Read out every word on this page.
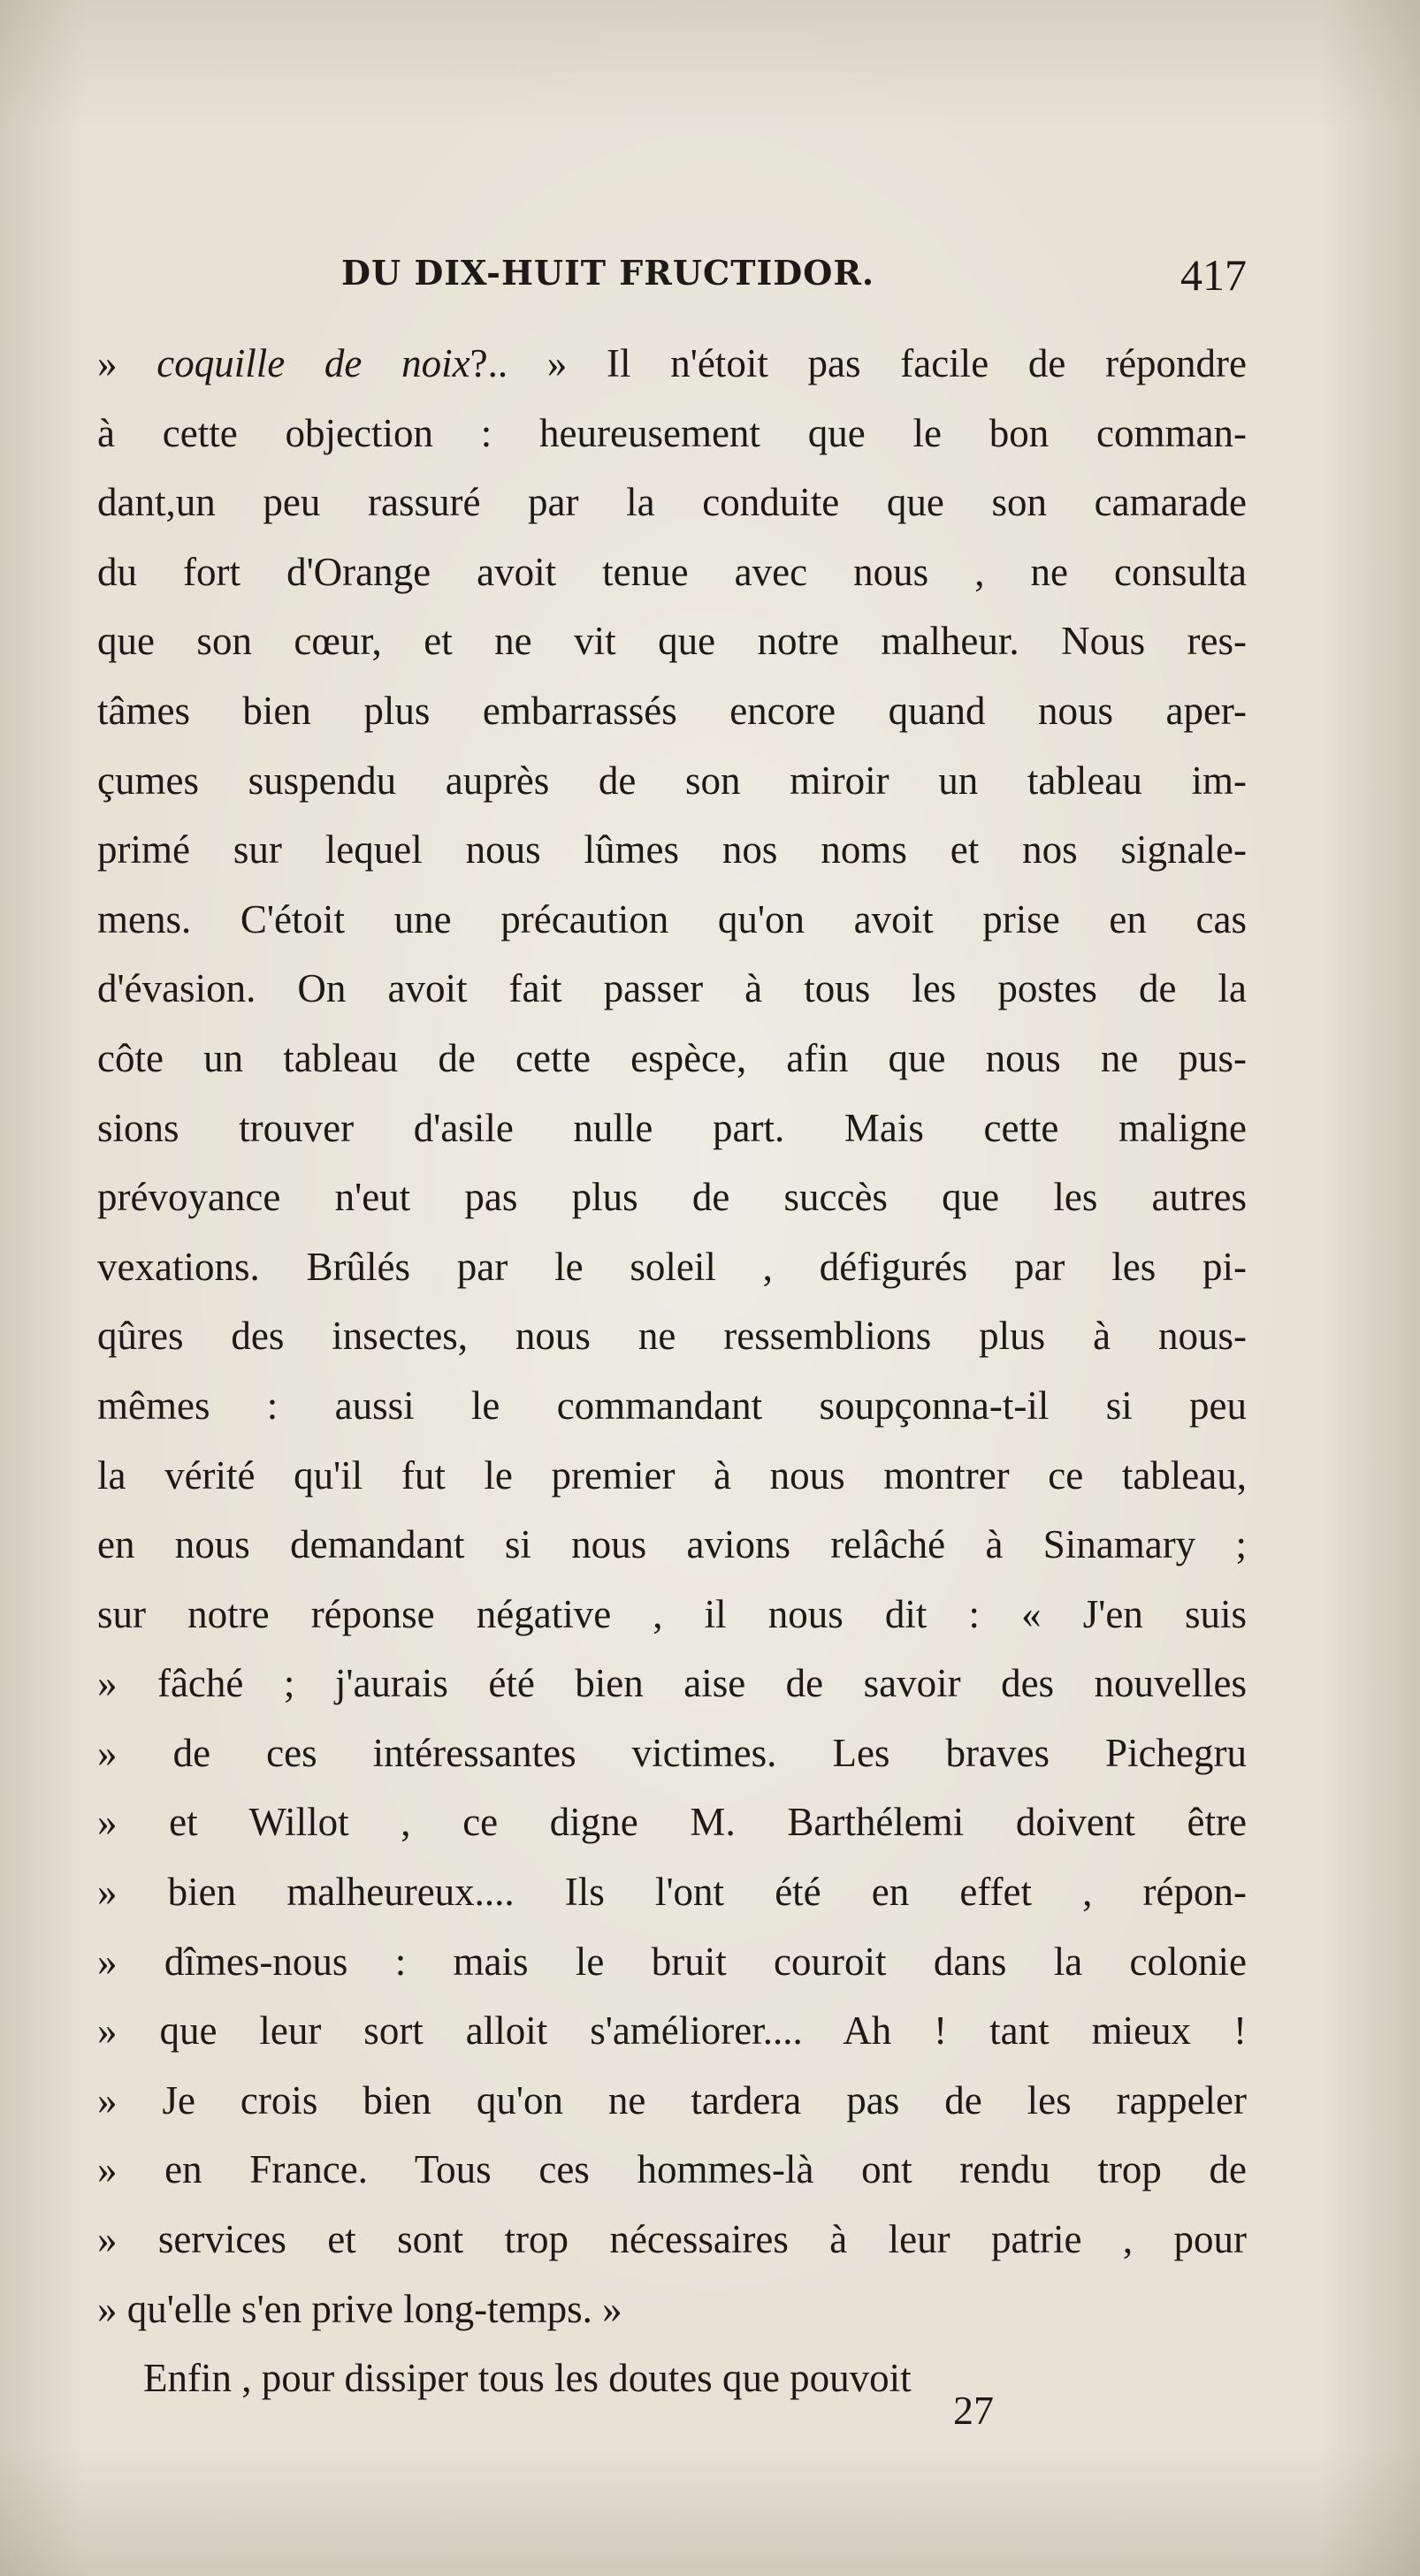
DU DIX-HUIT FRUCTIDOR.	417
» coquille de noix?.. » Il n'étoit pas facile de répondre
à cette objection : heureusement que le bon comman-
dant,un peu rassuré par la conduite que son camarade
du fort d'Orange avoit tenue avec nous , ne consulta
que son cœur, et ne vit que notre malheur. Nous res-
tâmes bien plus embarrassés encore quand nous aper-
çumes suspendu auprès de son miroir un tableau im-
primé sur lequel nous lûmes nos noms et nos signale-
mens. C'étoit une précaution qu'on avoit prise en cas
d'évasion. On avoit fait passer à tous les postes de la
côte un tableau de cette espèce, afin que nous ne pus-
sions trouver d'asile nulle part. Mais cette maligne
prévoyance n'eut pas plus de succès que les autres
vexations. Brûlés par le soleil , défigurés par les pi-
qûres des insectes, nous ne ressemblions plus à nous-
mêmes : aussi le commandant soupçonna-t-il si peu
la vérité qu'il fut le premier à nous montrer ce tableau,
en nous demandant si nous avions relâché à Sinamary ;
sur notre réponse négative , il nous dit : « J'en suis
» fâché ; j'aurais été bien aise de savoir des nouvelles
» de ces intéressantes victimes. Les braves Pichegru
» et Willot , ce digne M. Barthélemi doivent être
» bien malheureux.... Ils l'ont été en effet , répon-
» dîmes-nous : mais le bruit couroit dans la colonie
» que leur sort alloit s'améliorer.... Ah ! tant mieux !
» Je crois bien qu'on ne tardera pas de les rappeler
» en France. Tous ces hommes-là ont rendu trop de
» services et sont trop nécessaires à leur patrie , pour
» qu'elle s'en prive long-temps. »
Enfin , pour dissiper tous les doutes que pouvoit
27
